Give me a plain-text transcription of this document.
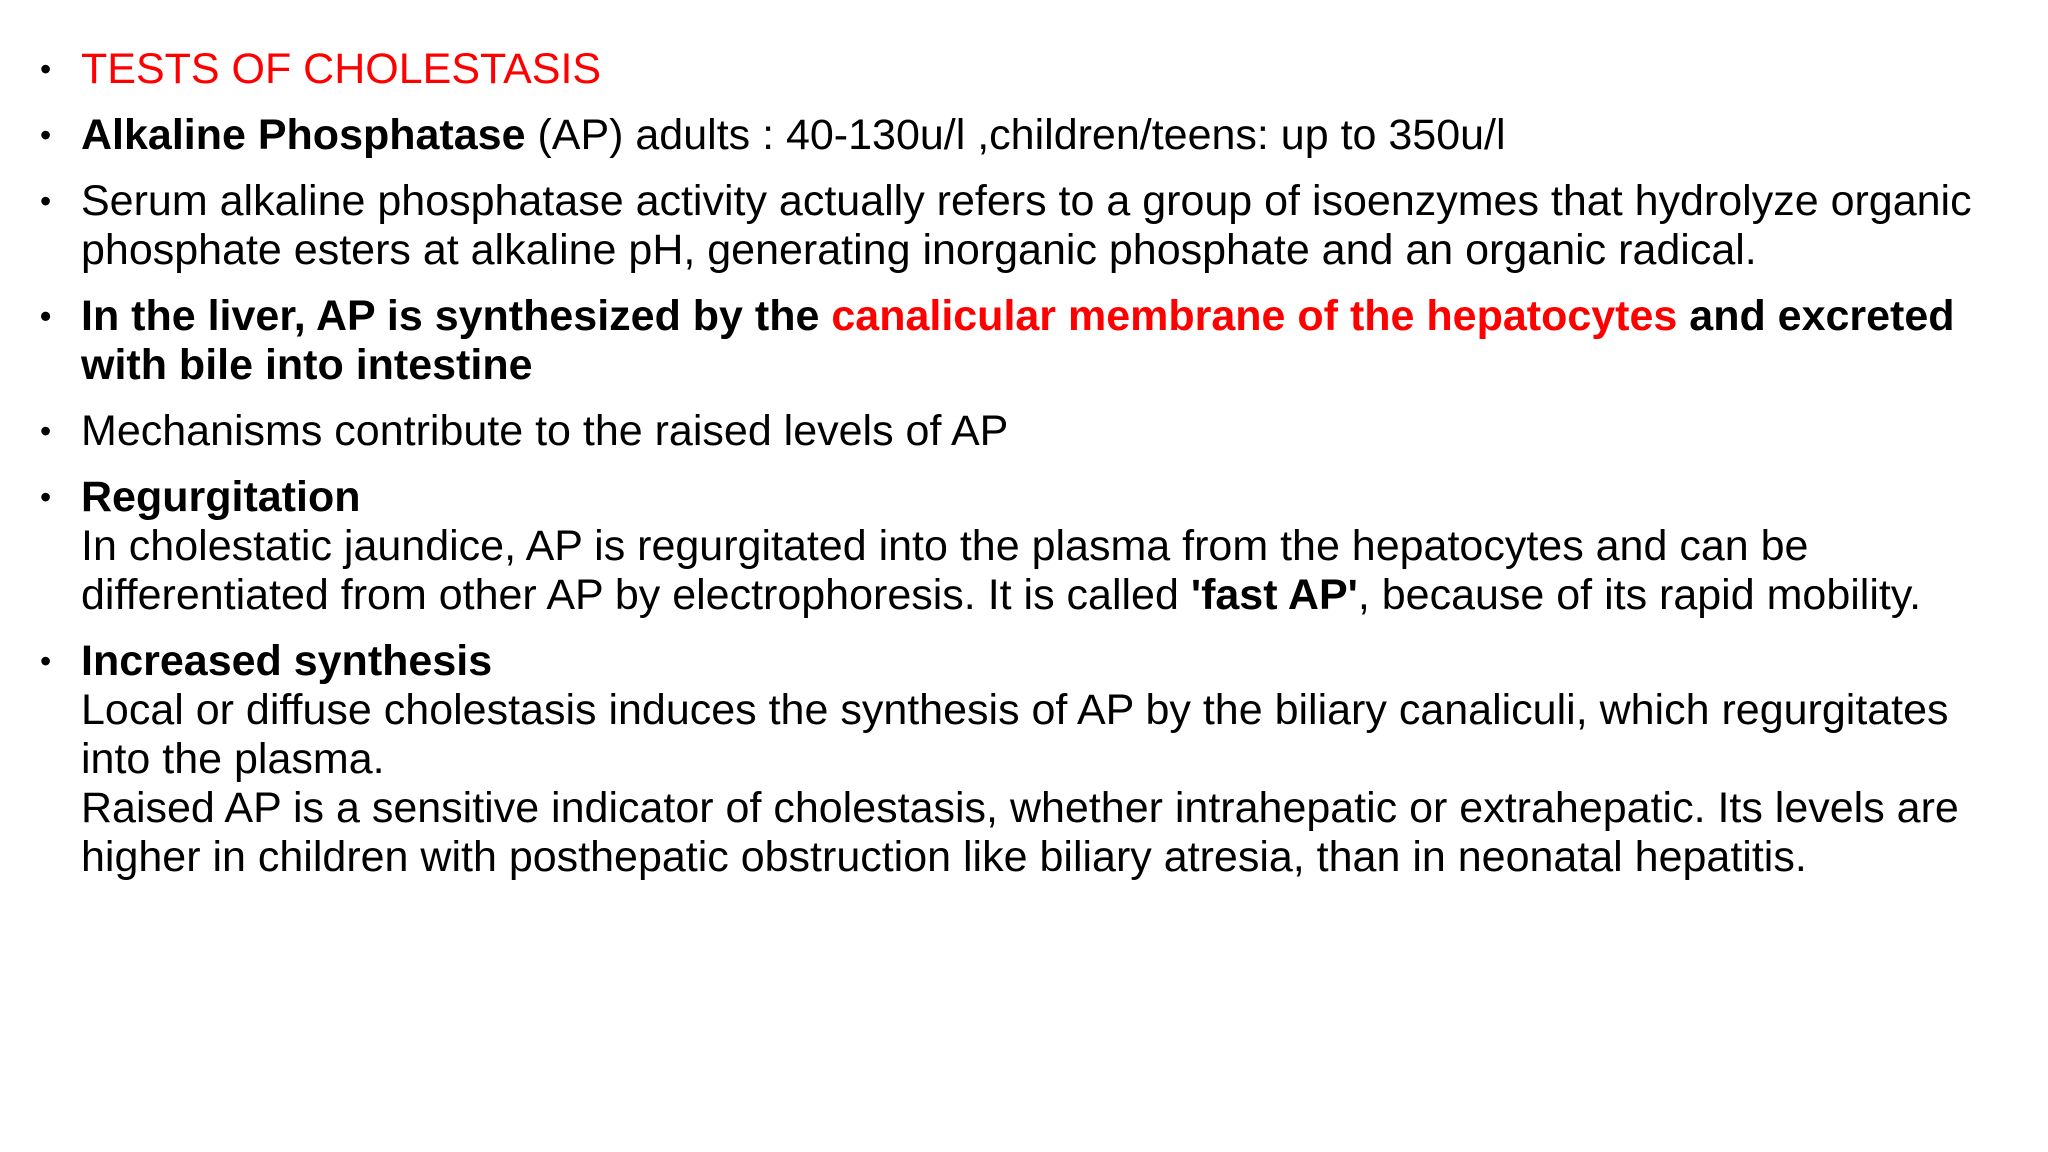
• TESTS OF CHOLESTASIS
• Alkaline Phosphatase (AP) adults : 40-130u/l ,children/teens: up to 350u/l
• Serum alkaline phosphatase activity actually refers to a group of isoenzymes that hydrolyze organic phosphate esters at alkaline pH, generating inorganic phosphate and an organic radical.
• In the liver, AP is synthesized by the canalicular membrane of the hepatocytes and excreted with bile into intestine
• Mechanisms contribute to the raised levels of AP
• Regurgitation
In cholestatic jaundice, AP is regurgitated into the plasma from the hepatocytes and can be differentiated from other AP by electrophoresis. It is called 'fast AP', because of its rapid mobility.
• Increased synthesis
Local or diffuse cholestasis induces the synthesis of AP by the biliary canaliculi, which regurgitates into the plasma.
Raised AP is a sensitive indicator of cholestasis, whether intrahepatic or extrahepatic. Its levels are higher in children with posthepatic obstruction like biliary atresia, than in neonatal hepatitis.
